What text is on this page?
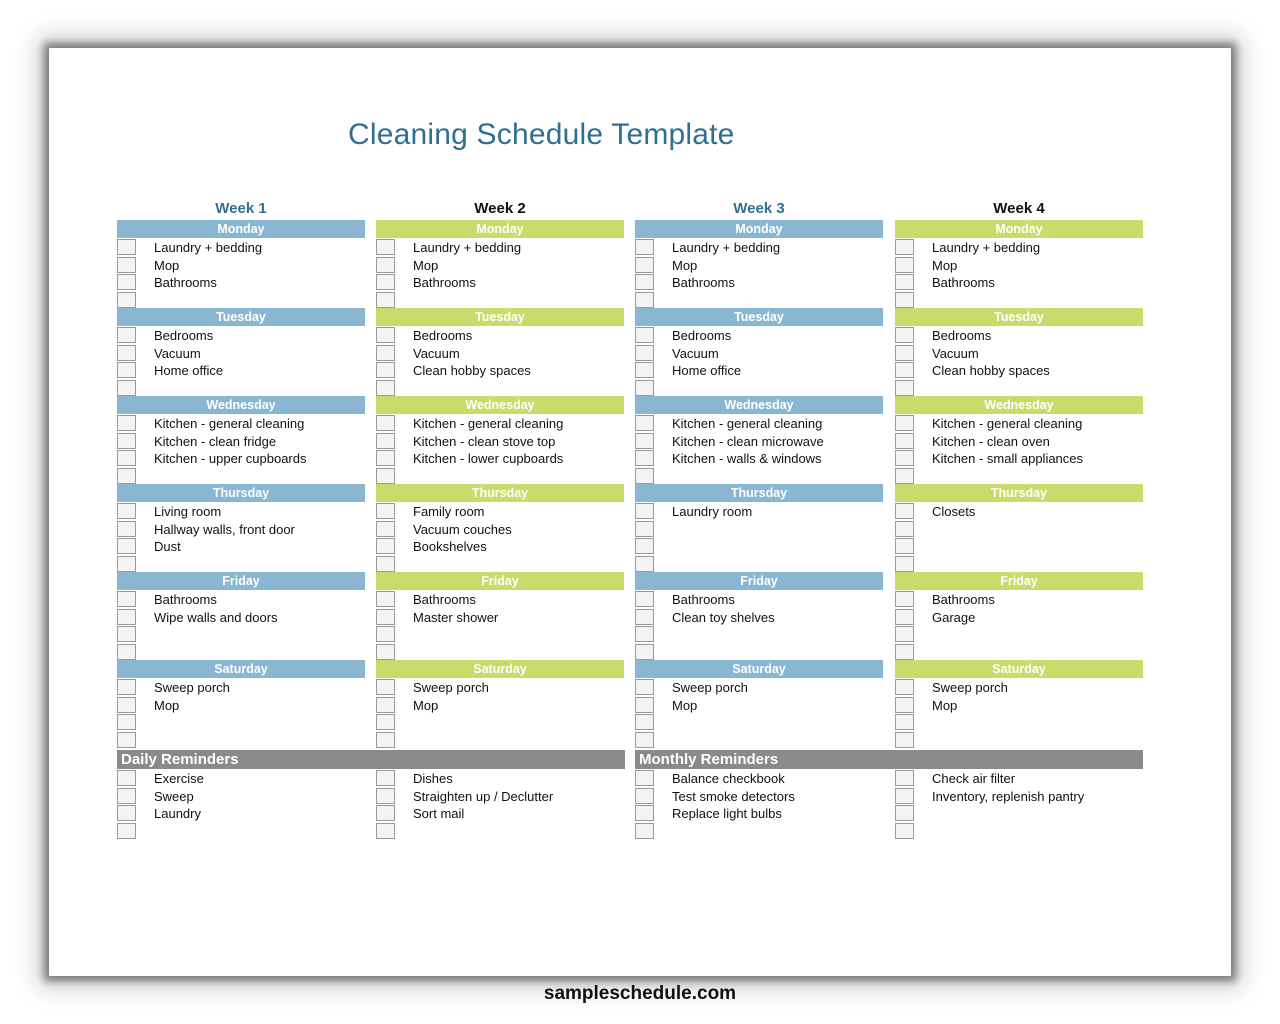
Cleaning Schedule Template
Week 1
Monday
Laundry + bedding
Mop
Bathrooms
Tuesday
Bedrooms
Vacuum
Home office
Wednesday
Kitchen - general cleaning
Kitchen - clean fridge
Kitchen - upper cupboards
Thursday
Living room
Hallway walls, front door
Dust
Friday
Bathrooms
Wipe walls and doors
Saturday
Sweep porch
Mop
Week 2
Monday
Laundry + bedding
Mop
Bathrooms
Tuesday
Bedrooms
Vacuum
Clean hobby spaces
Wednesday
Kitchen - general cleaning
Kitchen - clean stove top
Kitchen - lower cupboards
Thursday
Family room
Vacuum couches
Bookshelves
Friday
Bathrooms
Master shower
Saturday
Sweep porch
Mop
Week 3
Monday
Laundry + bedding
Mop
Bathrooms
Tuesday
Bedrooms
Vacuum
Home office
Wednesday
Kitchen - general cleaning
Kitchen - clean microwave
Kitchen - walls & windows
Thursday
Laundry room
Friday
Bathrooms
Clean toy shelves
Saturday
Sweep porch
Mop
Week 4
Monday
Laundry + bedding
Mop
Bathrooms
Tuesday
Bedrooms
Vacuum
Clean hobby spaces
Wednesday
Kitchen - general cleaning
Kitchen - clean oven
Kitchen - small appliances
Thursday
Closets
Friday
Bathrooms
Garage
Saturday
Sweep porch
Mop
Daily Reminders
Exercise
Sweep
Laundry
Dishes
Straighten up / Declutter
Sort mail
Monthly Reminders
Balance checkbook
Test smoke detectors
Replace light bulbs
Check air filter
Inventory, replenish pantry
sampleschedule.com
